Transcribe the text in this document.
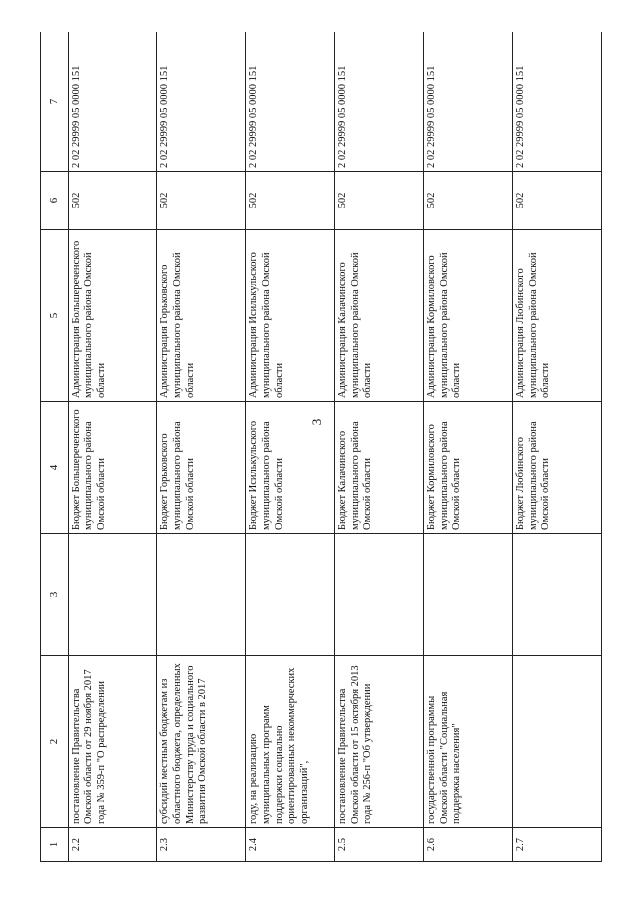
3
1	2	3	4	5	6	7
2.2	постановление Правительства Омской области от 29 ноября 2017 года № 359-п "О распределении		Бюджет Большереченского муниципального района Омской области	Администрация Большереченского муниципального района Омской области	502	2 02 29999 05 0000 151
2.3	субсидий местным бюджетам из областного бюджета, определенных Министерству труда и социального развития Омской области в 2017		Бюджет Горьковского муниципального района Омской области	Администрация Горьковского муниципального района Омской области	502	2 02 29999 05 0000 151
2.4	году, на реализацию муниципальных программ поддержки социально ориентированных некоммерческих организаций",		Бюджет Исилькульского муниципального района Омской области	Администрация Исилькульского муниципального района Омской области	502	2 02 29999 05 0000 151
2.5	постановление Правительства Омской области от 15 октября 2013 года № 256-п "Об утверждении		Бюджет Калачинского муниципального района Омской области	Администрация Калачинского муниципального района Омской области	502	2 02 29999 05 0000 151
2.6	государственной программы Омской области "Социальная поддержка населения"		Бюджет Кормиловского муниципального района Омской области	Администрация Кормиловского муниципального района Омской области	502	2 02 29999 05 0000 151
2.7			Бюджет Любинского муниципального района Омской области	Администрация Любинского муниципального района Омской области	502	2 02 29999 05 0000 151
